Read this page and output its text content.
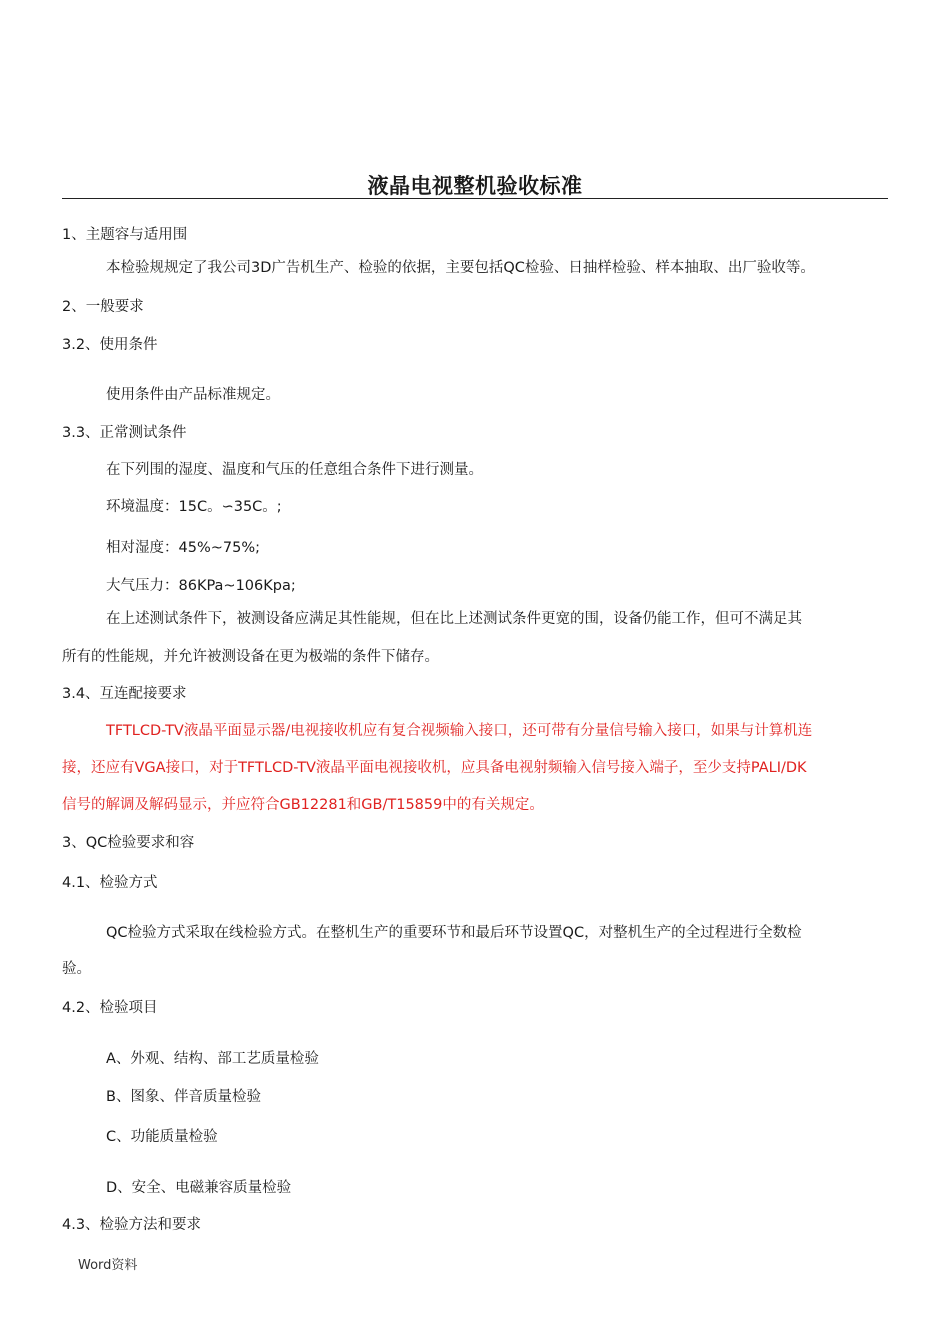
液晶电视整机验收标准
1、主题容与适用围
本检验规规定了我公司3D广告机生产、检验的依据，主要包括QC检验、日抽样检验、样本抽取、出厂验收等。
2、一般要求
3.2、使用条件
使用条件由产品标准规定。
3.3、正常测试条件
在下列围的湿度、温度和气压的任意组合条件下进行测量。
环境温度：15C。∽35C。;
相对湿度：45%~75%;
大气压力：86KPa~106Kpa;
在上述测试条件下，被测设备应满足其性能规，但在比上述测试条件更宽的围，设备仍能工作，但可不满足其
所有的性能规，并允许被测设备在更为极端的条件下储存。
3.4、互连配接要求
TFTLCD-TV液晶平面显示器/电视接收机应有复合视频输入接口，还可带有分量信号输入接口，如果与计算机连
接，还应有VGA接口，对于TFTLCD-TV液晶平面电视接收机，应具备电视射频输入信号接入端子，至少支持PALI/DK
信号的解调及解码显示，并应符合GB12281和GB/T15859中的有关规定。
3、QC检验要求和容
4.1、检验方式
QC检验方式采取在线检验方式。在整机生产的重要环节和最后环节设置QC，对整机生产的全过程进行全数检
验。
4.2、检验项目
A、外观、结构、部工艺质量检验
B、图象、伴音质量检验
C、功能质量检验
D、安全、电磁兼容质量检验
4.3、检验方法和要求
Word资料
